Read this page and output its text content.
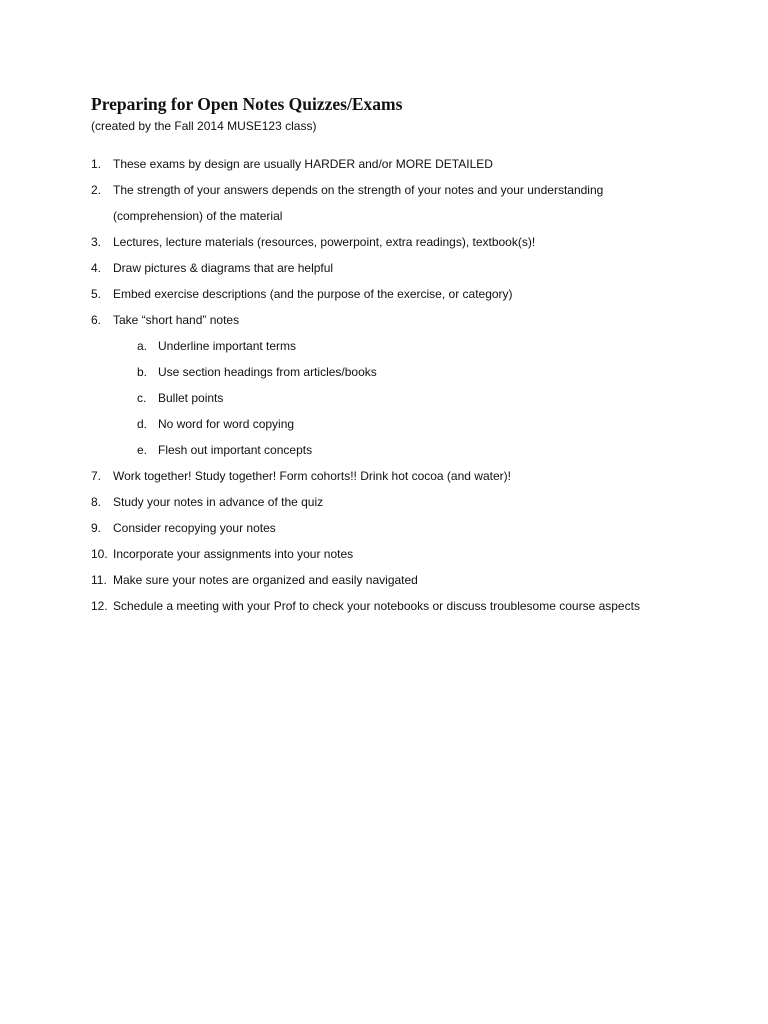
Preparing for Open Notes Quizzes/Exams

(created by the Fall 2014 MUSE123 class)

1. These exams by design are usually HARDER and/or MORE DETAILED
2. The strength of your answers depends on the strength of your notes and your understanding
(comprehension) of the material
3. Lectures, lecture materials (resources, powerpoint, extra readings), textbook(s)!
4. Draw pictures & diagrams that are helpful
5. Embed exercise descriptions (and the purpose of the exercise, or category)
6. Take “short hand” notes
a. Underline important terms
b. Use section headings from articles/books
c. Bullet points
d. No word for word copying
e. Flesh out important concepts
7. Work together! Study together! Form cohorts!! Drink hot cocoa (and water)!
8. Study your notes in advance of the quiz
9. Consider recopying your notes
10. Incorporate your assignments into your notes
11. Make sure your notes are organized and easily navigated
12. Schedule a meeting with your Prof to check your notebooks or discuss troublesome course aspects
